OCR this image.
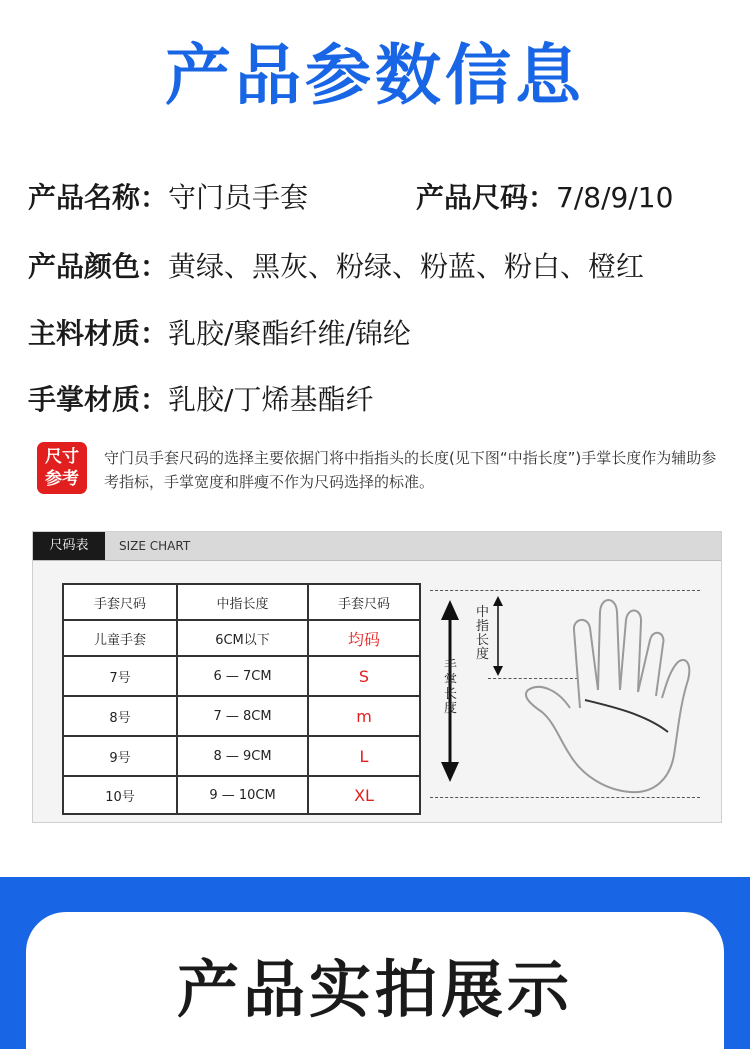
产品参数信息
产品名称：守门员手套	产品尺码：7/8/9/10
产品颜色：黄绿、黑灰、粉绿、粉蓝、粉白、橙红
主料材质：乳胶/聚酯纤维/锦纶
手掌材质：乳胶/丁烯基酯纤
尺寸
参考
守门员手套尺码的选择主要依据门将中指指头的长度(见下图“中指长度”)手掌长度作为辅助参考指标，手掌宽度和胖瘦不作为尺码选择的标准。
尺码表	SIZE CHART
手套尺码	中指长度	手套尺码
儿童手套	6CM以下	均码
7号	6 — 7CM	S
8号	7 — 8CM	m
9号	8 — 9CM	L
10号	9 — 10CM	XL
中指长度
手掌长度
产品实拍展示
